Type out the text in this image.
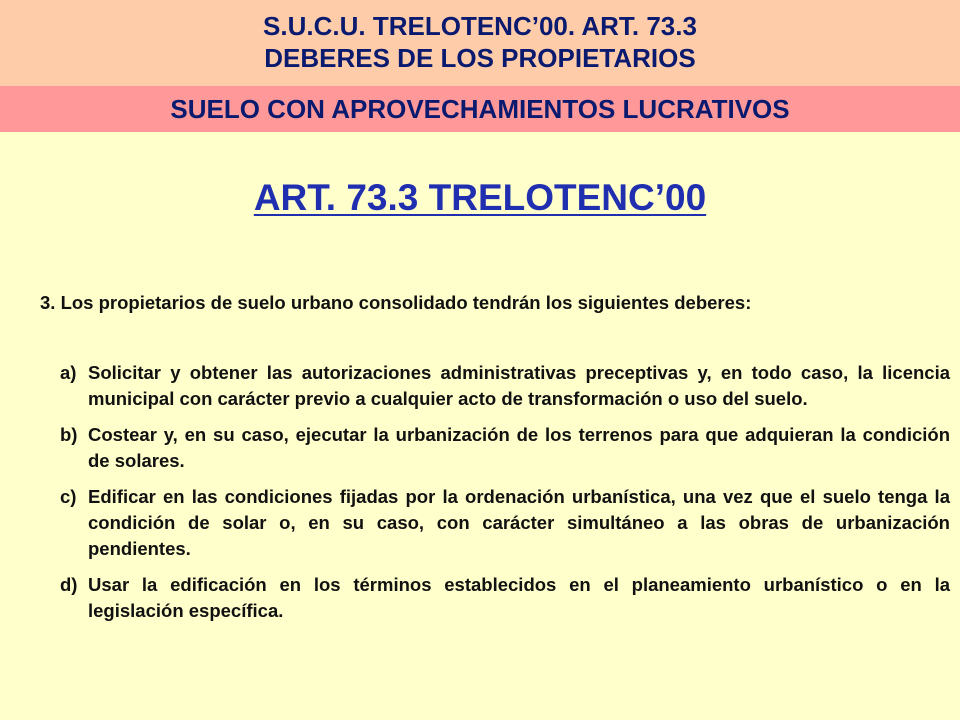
S.U.C.U. TRELOTENC’00. ART. 73.3
DEBERES DE LOS PROPIETARIOS
SUELO CON APROVECHAMIENTOS LUCRATIVOS
ART. 73.3 TRELOTENC’00
3. Los propietarios de suelo urbano consolidado tendrán los siguientes deberes:
a) Solicitar y obtener las autorizaciones administrativas preceptivas y, en todo caso, la licencia municipal con carácter previo a cualquier acto de transformación o uso del suelo.
b) Costear y, en su caso, ejecutar la urbanización de los terrenos para que adquieran la condición de solares.
c) Edificar en las condiciones fijadas por la ordenación urbanística, una vez que el suelo tenga la condición de solar o, en su caso, con carácter simultáneo a las obras de urbanización pendientes.
d) Usar la edificación en los términos establecidos en el planeamiento urbanístico o en la legislación específica.
